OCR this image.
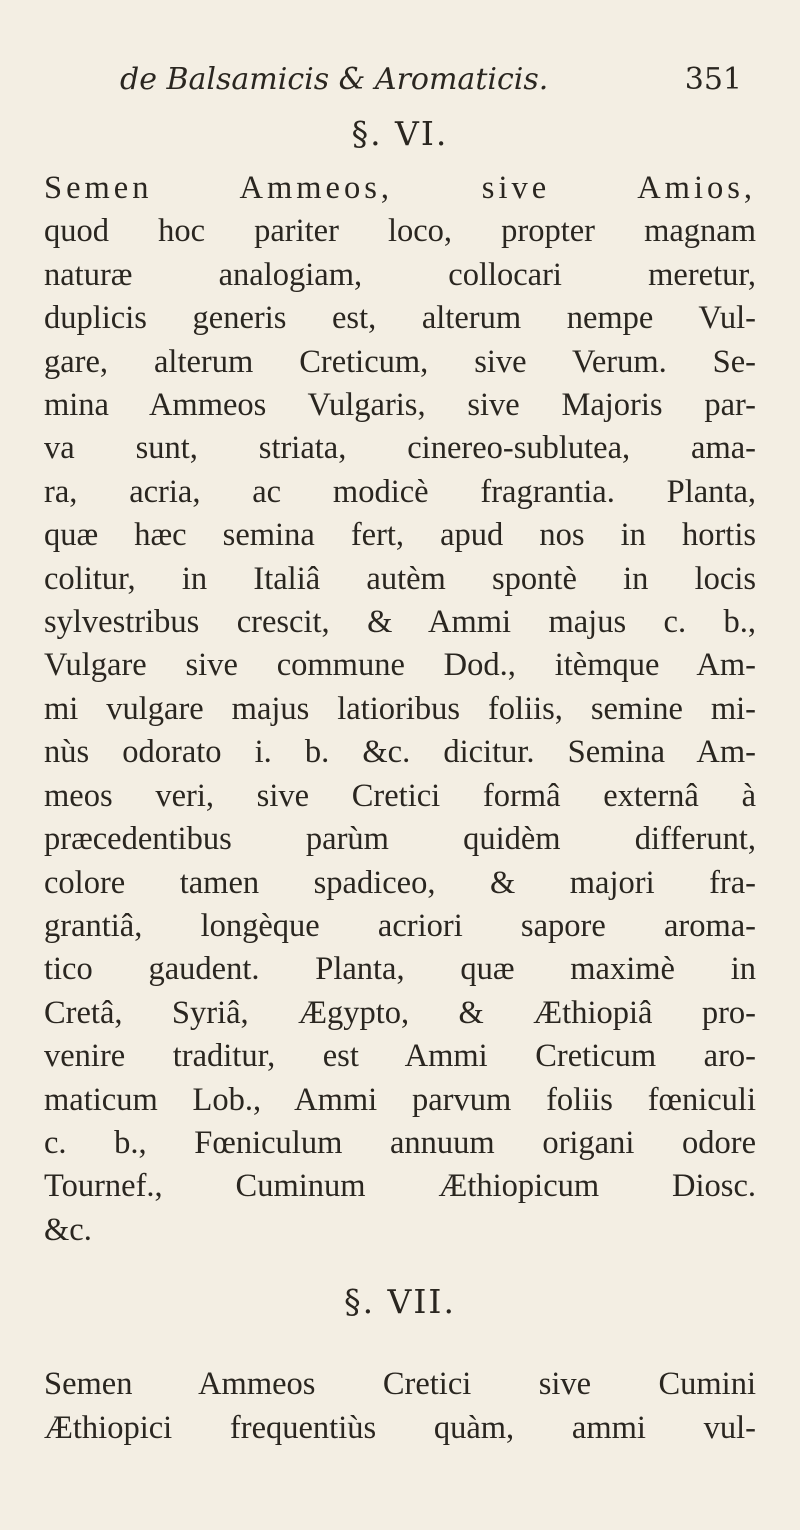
de Balsamicis & Aromaticis.	351
§. VI.

Semen Ammeos, sive Amios,
quod hoc pariter loco, propter magnam
naturæ analogiam, collocari meretur,
duplicis generis est, alterum nempe Vul-
gare, alterum Creticum, sive Verum. Se-
mina Ammeos Vulgaris, sive Majoris par-
va sunt, striata, cinereo-sublutea, ama-
ra, acria, ac modicè fragrantia. Planta,
quæ hæc semina fert, apud nos in hortis
colitur, in Italiâ autèm spontè in locis
sylvestribus crescit, & Ammi majus c. b.,
Vulgare sive commune Dod., itèmque Am-
mi vulgare majus latioribus foliis, semine mi-
nùs odorato i. b. &c. dicitur. Semina Am-
meos veri, sive Cretici formâ externâ à
præcedentibus parùm quidèm differunt,
colore tamen spadiceo, & majori fra-
grantiâ, longèque acriori sapore aroma-
tico gaudent. Planta, quæ maximè in
Cretâ, Syriâ, Ægypto, & Æthiopiâ pro-
venire traditur, est Ammi Creticum aro-
maticum Lob., Ammi parvum foliis fœniculi
c. b., Fœniculum annuum origani odore
Tournef., Cuminum Æthiopicum Diosc.
&c.

§. VII.

Semen Ammeos Cretici sive Cumini
Æthiopici frequentiùs quàm, ammi vul-
